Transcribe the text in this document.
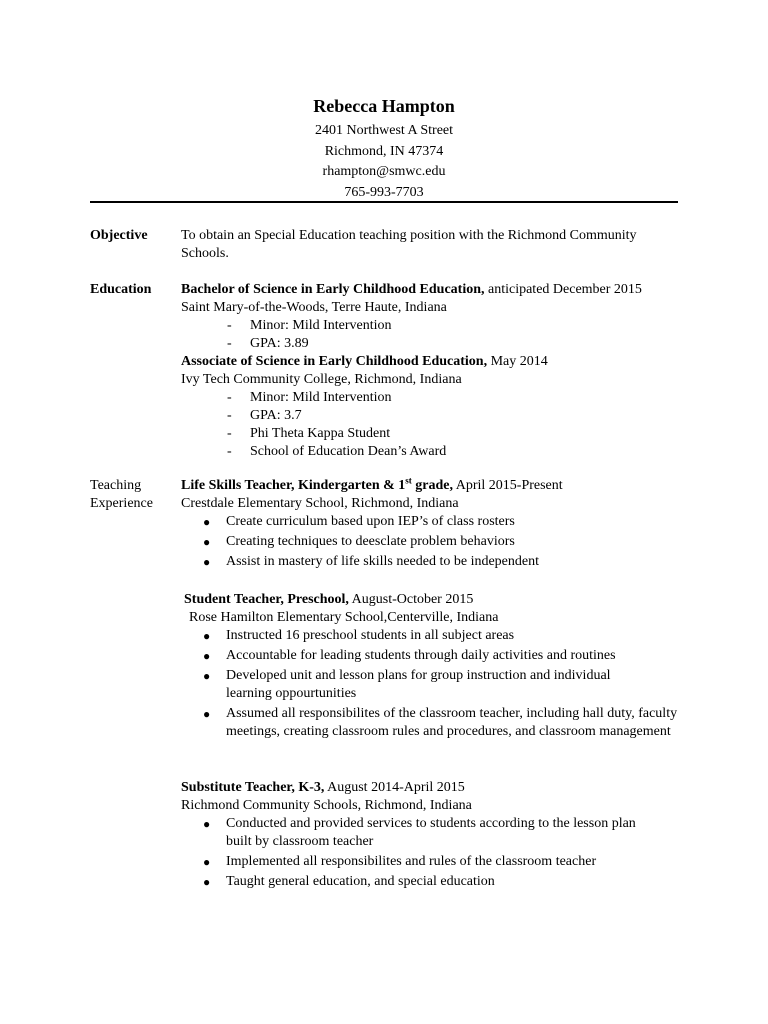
Rebecca Hampton
2401 Northwest A Street
Richmond, IN 47374
rhampton@smwc.edu
765-993-7703
Objective	To obtain an Special Education teaching position with the Richmond Community Schools.
Education	Bachelor of Science in Early Childhood Education, anticipated December 2015
Saint Mary-of-the-Woods, Terre Haute, Indiana
- Minor: Mild Intervention
- GPA: 3.89
Associate of Science in Early Childhood Education, May 2014
Ivy Tech Community College, Richmond, Indiana
- Minor: Mild Intervention
- GPA: 3.7
- Phi Theta Kappa Student
- School of Education Dean’s Award
Teaching
Experience
Life Skills Teacher, Kindergarten & 1st grade, April 2015-Present
Crestdale Elementary School, Richmond, Indiana
● Create curriculum based upon IEP’s of class rosters
● Creating techniques to deesclate problem behaviors
● Assist in mastery of life skills needed to be independent
Student Teacher, Preschool, August-October 2015
Rose Hamilton Elementary School,Centerville, Indiana
● Instructed 16 preschool students in all subject areas
● Accountable for leading students through daily activities and routines
● Developed unit and lesson plans for group instruction and individual learning oppourtunities
● Assumed all responsibilites of the classroom teacher, including hall duty, faculty meetings, creating classroom rules and procedures, and classroom management
Substitute Teacher, K-3, August 2014-April 2015
Richmond Community Schools, Richmond, Indiana
● Conducted and provided services to students according to the lesson plan built by classroom teacher
● Implemented all responsibilites and rules of the classroom teacher
● Taught general education, and special education
